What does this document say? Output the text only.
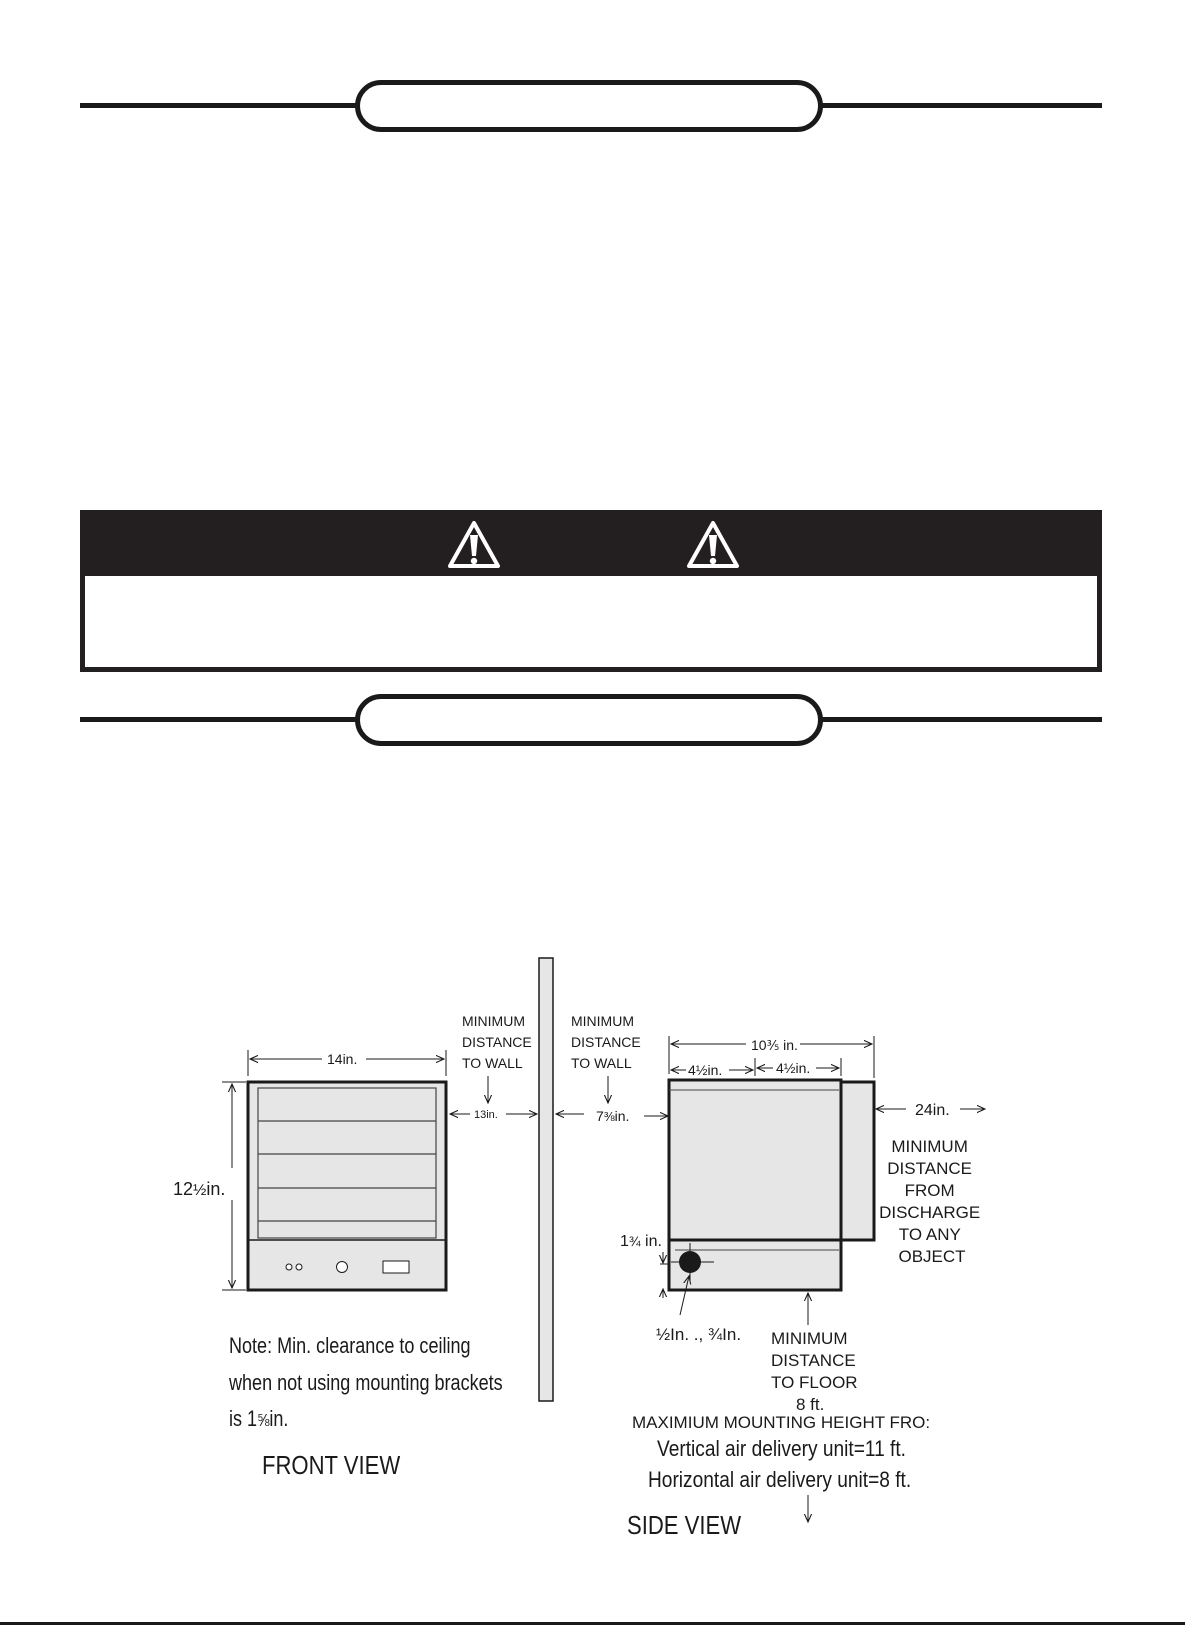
14in.
12½in.
Note: Min. clearance to ceiling
when not using mounting brackets
is 1⅝in.
FRONT VIEW
MINIMUM DISTANCE TO WALL
13in.
MINIMUM DISTANCE TO WALL
7⅜in.
10⅗ in.
4½in.	4½in.
24in.
MINIMUM DISTANCE FROM DISCHARGE TO ANY OBJECT
1¾ in.
½In. ., ¾In. MINIMUM DISTANCE TO FLOOR 8 ft.
MAXIMIUM MOUNTING HEIGHT FRO:
Vertical air delivery unit=11 ft.
Horizontal air delivery unit=8 ft.
SIDE VIEW
